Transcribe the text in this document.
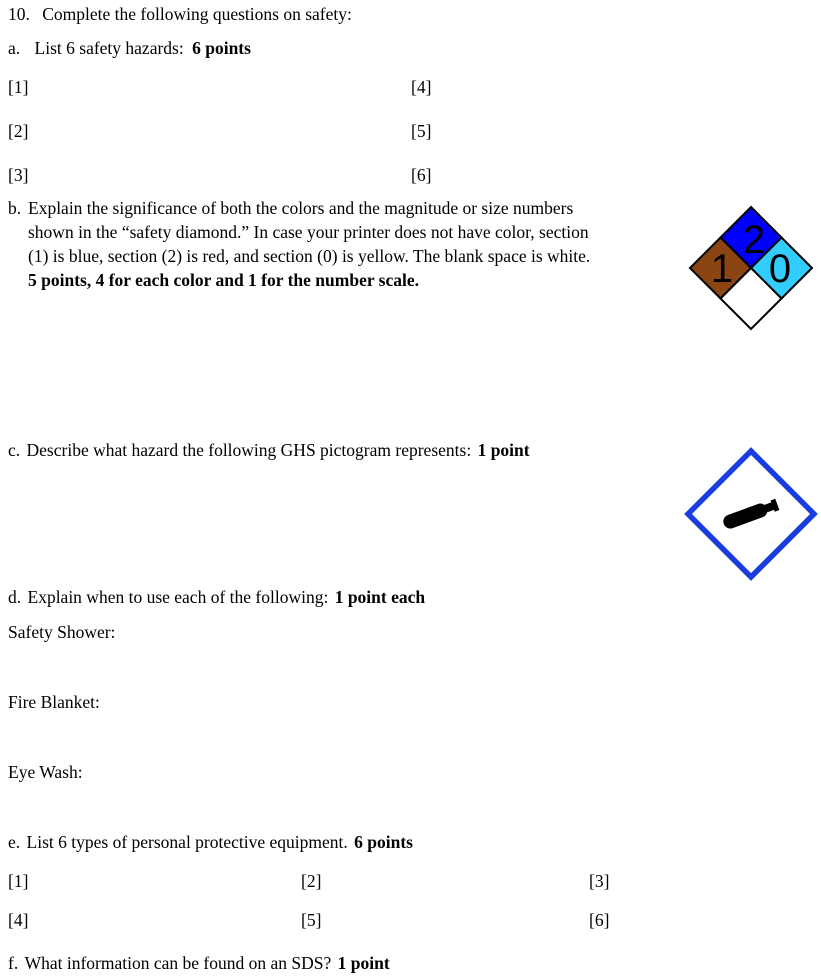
10. Complete the following questions on safety:
a. List 6 safety hazards: 6 points
[1]
[2]
[3]
[4]
[5]
[6]
b. Explain the significance of both the colors and the magnitude or size numbers
shown in the “safety diamond.” In case your printer does not have color, section
(1) is blue, section (2) is red, and section (0) is yellow. The blank space is white.
5 points, 4 for each color and 1 for the number scale.
2
1 0
c. Describe what hazard the following GHS pictogram represents: 1 point
d. Explain when to use each of the following: 1 point each
Safety Shower:
Fire Blanket:
Eye Wash:
e. List 6 types of personal protective equipment. 6 points
[1]	[2]	[3]
[4]	[5]	[6]
f. What information can be found on an SDS? 1 point
